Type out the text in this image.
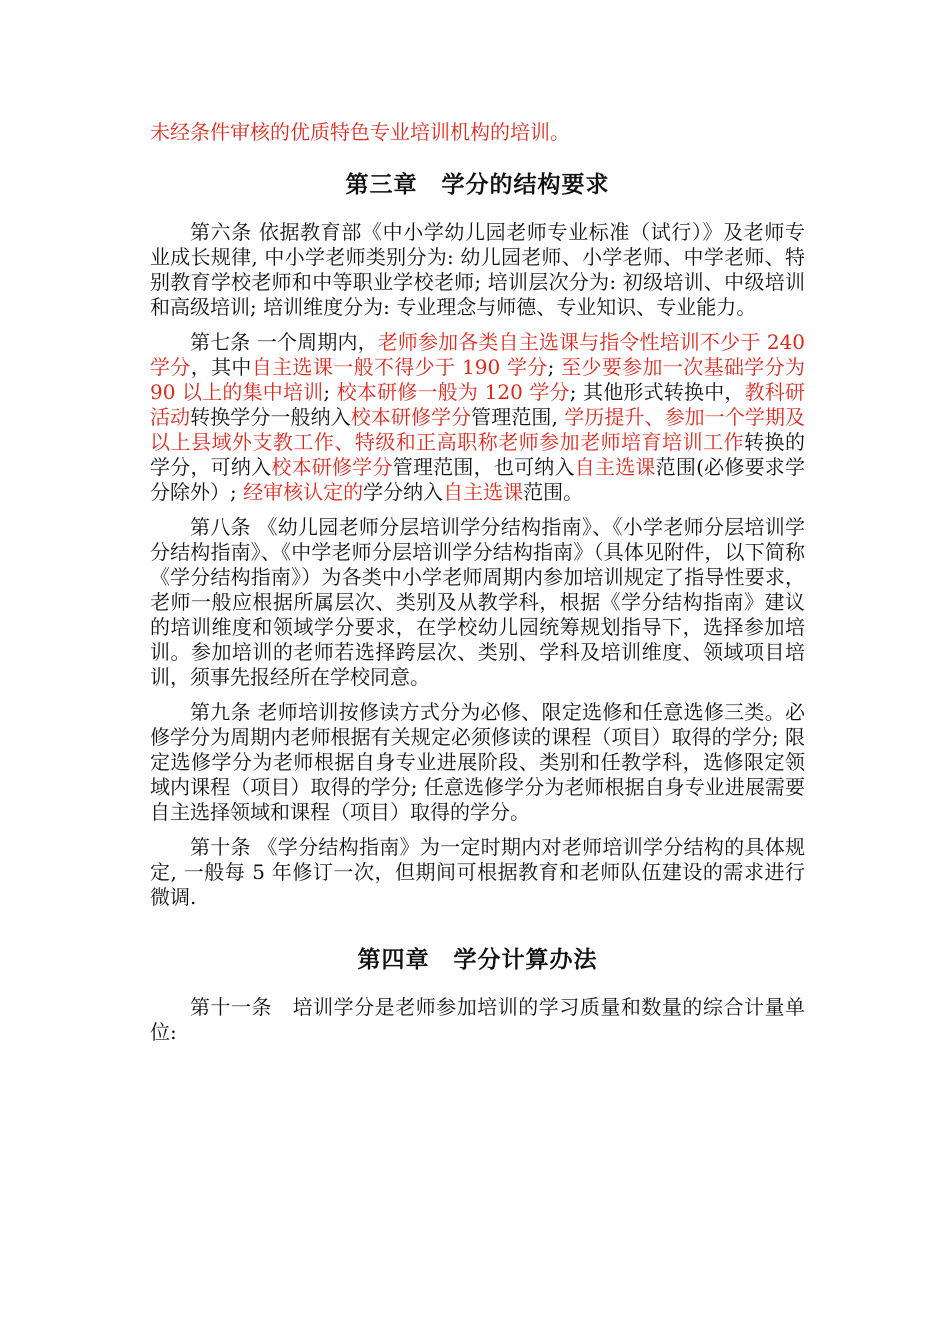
未经条件审核的优质特色专业培训机构的培训。

第三章　学分的结构要求

第六条 依据教育部《中小学幼儿园老师专业标准（试行）》及老师专业成长规律, 中小学老师类别分为: 幼儿园老师、小学老师、中学老师、特别教育学校老师和中等职业学校老师; 培训层次分为: 初级培训、中级培训和高级培训; 培训维度分为: 专业理念与师德、专业知识、专业能力。

第七条 一个周期内，老师参加各类自主选课与指令性培训不少于 240 学分，其中自主选课一般不得少于 190 学分; 至少要参加一次基础学分为 90 以上的集中培训; 校本研修一般为 120 学分; 其他形式转换中，教科研活动转换学分一般纳入校本研修学分管理范围, 学历提升、参加一个学期及以上县域外支教工作、特级和正高职称老师参加老师培育培训工作转换的学分，可纳入校本研修学分管理范围，也可纳入自主选课范围(必修要求学分除外）; 经审核认定的学分纳入自主选课范围。

第八条 《幼儿园老师分层培训学分结构指南》、《小学老师分层培训学分结构指南》、《中学老师分层培训学分结构指南》（具体见附件，以下简称《学分结构指南》）为各类中小学老师周期内参加培训规定了指导性要求，老师一般应根据所属层次、类别及从教学科，根据《学分结构指南》建议的培训维度和领域学分要求，在学校幼儿园统筹规划指导下，选择参加培训。参加培训的老师若选择跨层次、类别、学科及培训维度、领域项目培训，须事先报经所在学校同意。

第九条 老师培训按修读方式分为必修、限定选修和任意选修三类。必修学分为周期内老师根据有关规定必须修读的课程（项目）取得的学分; 限定选修学分为老师根据自身专业进展阶段、类别和任教学科，选修限定领域内课程（项目）取得的学分; 任意选修学分为老师根据自身专业进展需要自主选择领域和课程（项目）取得的学分。

第十条 《学分结构指南》为一定时期内对老师培训学分结构的具体规定, 一般每 5 年修订一次，但期间可根据教育和老师队伍建设的需求进行微调.

第四章　学分计算办法

第十一条　培训学分是老师参加培训的学习质量和数量的综合计量单位:
